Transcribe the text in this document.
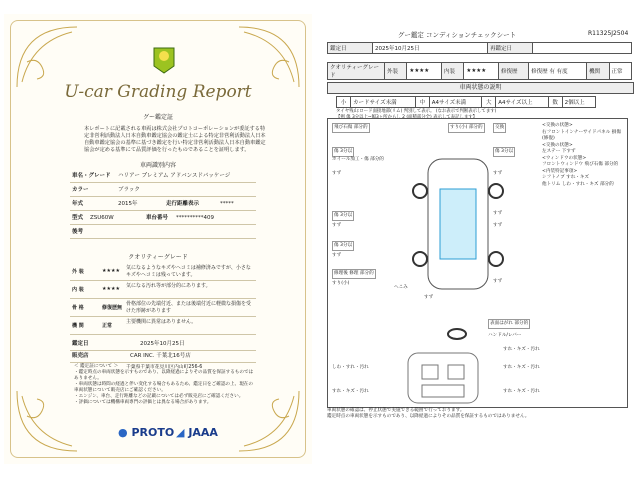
U-car Grading Report
グー鑑定証
本レポートに記載される車両は株式会社プロトコーポレーションが委託する特定非営利活動法人日本自動車鑑定協会の鑑定士による特定非営利活動法人日本自動車鑑定協会の基準に基づき鑑定を行い特定非営利活動法人日本自動車鑑定協会が定める基準にて品質評価を行ったものであることを証明します。
車両識別内容
車名・グレード ハリアー プレミアム アドバンスドパッケージ
カラー	ブラック
年式	2015年	走行距離表示	*****
型式 ZSU60W	車台番号 **********409
後考
クオリティーグレード
外 装	★★★★ 気になるようなキズやヘコミは補修済みですが、小さなキズやヘコミは残っています。
内 装	★★★★ 気になる汚れ等が部分的にあります。
骨 格	修復歴無
骨格部位の先端付近、または後端付近に軽微な損傷を受けた形跡があります
機 関	正常
主要機関に異常はありません。
鑑定日	2025年10月25日
販売店	CAR INC. 千葉北16号店
千葉県千葉市花見川区内山町256-6
＜ 鑑定証について ＞
・鑑定時点の車両状態を示すものであり、以降経過によりその品質を保証するものではありません。
・車両状態は時間の経過と伴い変化する場合もあるため、鑑定日をご確認の上、現在の車両状態について販売店にご確認ください。
・エンジン、車台、走行距離などの記載については必ず販売店にご確認ください。
・評価については機構車両専門の評価とは異なる場合があります。
● PROTO ◢ JAAA
R11325J2504
グー鑑定 コンディションチェックシート
鑑定日	2025年10月25日	再鑑定日	
クオリティーグレード	外装	★★★★	内装	★★★★	修復歴	修復歴 有 有度	機関	正常
車両状態の説明
小	カードサイズ未満	中	A4サイズ未満	大	A4サイズ以上	数	2個以上
タイヤ残山:ロード面接地部(リム) 判別して表示。 (なお表示で判断表示してます)
【例 傷 3分以上~幅3ヶ所からし 2 (面積部分全) 表示して表記します】
飛び石傷 部分的	すり(小) 部分的	交換
傷 3分以
ホイール加工・傷 部分的
傷 3分以
すず	すず
傷 3分以
すず
すず
すず
傷 3分以
すず
修理後 修理 部分的
すり(小)
へこみ
すず
すず
表面はがれ 部分的
ハンドル/レバー
すれ・キズ・汚れ
しわ・すれ・汚れ	すれ・キズ・汚れ
すれ・キズ・汚れ	すれ・キズ・汚れ
<交換の状態>
右フロントインナーサイドパネル 損傷
(修復)
<交換の状態>
左ステー 下すず
<ウィンドウの状態>
フロントウィンドウ 飛び石傷 部分的
<内装特記事項>
シフトノブ すれ・キズ
他トリム しわ・すれ・キズ 部分的
車両状態の確認は、停止状態で実施できる範囲で行っております。
鑑定時点の車両状態を示すものであり、以降経過によりその品質を保証するものではありません。
